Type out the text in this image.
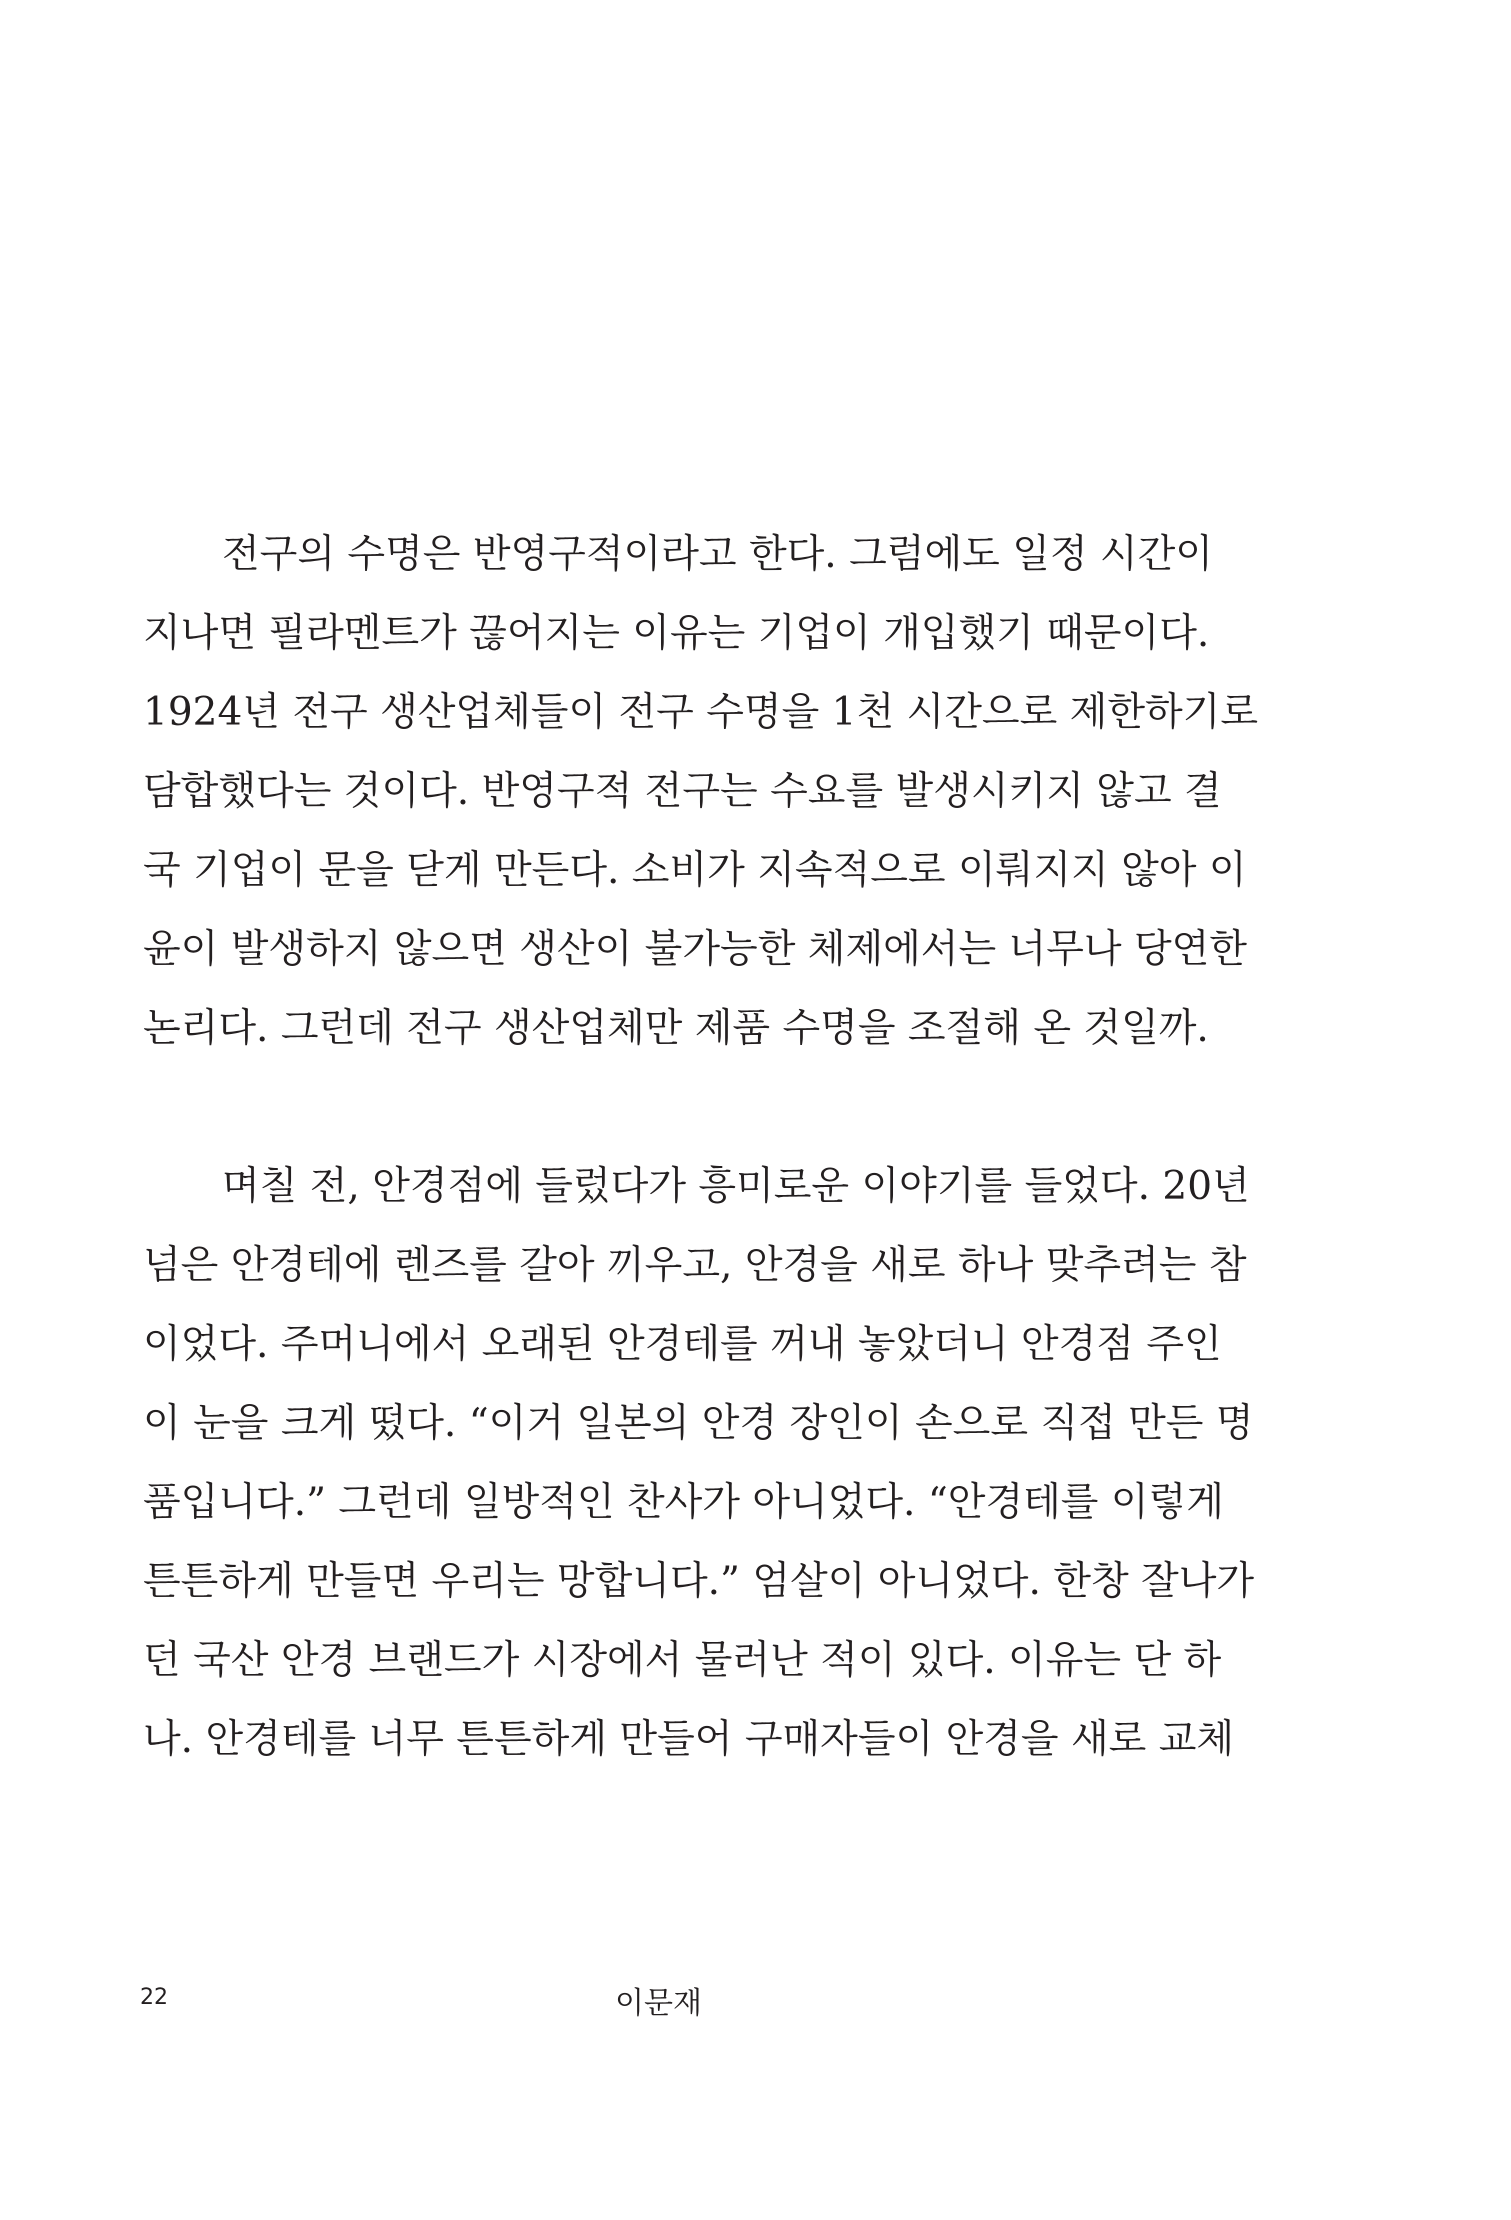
전구의 수명은 반영구적이라고 한다. 그럼에도 일정 시간이
지나면 필라멘트가 끊어지는 이유는 기업이 개입했기 때문이다.
1924년 전구 생산업체들이 전구 수명을 1천 시간으로 제한하기로
담합했다는 것이다. 반영구적 전구는 수요를 발생시키지 않고 결
국 기업이 문을 닫게 만든다. 소비가 지속적으로 이뤄지지 않아 이
윤이 발생하지 않으면 생산이 불가능한 체제에서는 너무나 당연한
논리다. 그런데 전구 생산업체만 제품 수명을 조절해 온 것일까.

며칠 전, 안경점에 들렀다가 흥미로운 이야기를 들었다. 20년
넘은 안경테에 렌즈를 갈아 끼우고, 안경을 새로 하나 맞추려는 참
이었다. 주머니에서 오래된 안경테를 꺼내 놓았더니 안경점 주인
이 눈을 크게 떴다. “이거 일본의 안경 장인이 손으로 직접 만든 명
품입니다.” 그런데 일방적인 찬사가 아니었다. “안경테를 이렇게
튼튼하게 만들면 우리는 망합니다.” 엄살이 아니었다. 한창 잘나가
던 국산 안경 브랜드가 시장에서 물러난 적이 있다. 이유는 단 하
나. 안경테를 너무 튼튼하게 만들어 구매자들이 안경을 새로 교체

22	이문재
